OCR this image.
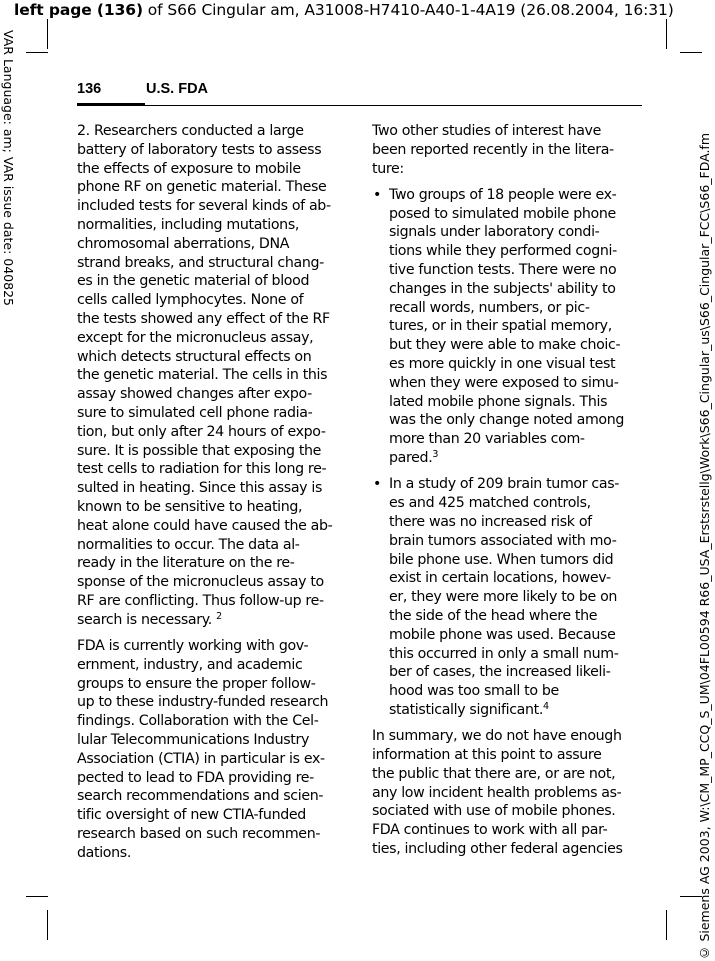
left page (136) of S66 Cingular am, A31008-H7410-A40-1-4A19 (26.08.2004, 16:31)
VAR Language: am; VAR issue date: 040825	© Siemens AG 2003, W:\CM_MP_CCQ_S_UM\04FL00594 R66_USA_Erstsrstellg\Work\S66_Cingular_us\S66_Cingular_FCC\S66_FDA.fm
136	U.S. FDA
2. Researchers conducted a large
battery of laboratory tests to assess
the effects of exposure to mobile
phone RF on genetic material. These
included tests for several kinds of ab-
normalities, including mutations,
chromosomal aberrations, DNA
strand breaks, and structural chang-
es in the genetic material of blood
cells called lymphocytes. None of
the tests showed any effect of the RF
except for the micronucleus assay,
which detects structural effects on
the genetic material. The cells in this
assay showed changes after expo-
sure to simulated cell phone radia-
tion, but only after 24 hours of expo-
sure. It is possible that exposing the
test cells to radiation for this long re-
sulted in heating. Since this assay is
known to be sensitive to heating,
heat alone could have caused the ab-
normalities to occur. The data al-
ready in the literature on the re-
sponse of the micronucleus assay to
RF are conflicting. Thus follow-up re-
search is necessary. $^2$
FDA is currently working with gov-
ernment, industry, and academic
groups to ensure the proper follow-
up to these industry-funded research
findings. Collaboration with the Cel-
lular Telecommunications Industry
Association (CTIA) in particular is ex-
pected to lead to FDA providing re-
search recommendations and scien-
tific oversight of new CTIA-funded
research based on such recommen-
dations.
Two other studies of interest have
been reported recently in the litera-
ture:
• Two groups of 18 people were ex-
posed to simulated mobile phone
signals under laboratory condi-
tions while they performed cogni-
tive function tests. There were no
changes in the subjects' ability to
recall words, numbers, or pic-
tures, or in their spatial memory,
but they were able to make choic-
es more quickly in one visual test
when they were exposed to simu-
lated mobile phone signals. This
was the only change noted among
more than 20 variables com-
pared.$^3$
• In a study of 209 brain tumor cas-
es and 425 matched controls,
there was no increased risk of
brain tumors associated with mo-
bile phone use. When tumors did
exist in certain locations, howev-
er, they were more likely to be on
the side of the head where the
mobile phone was used. Because
this occurred in only a small num-
ber of cases, the increased likeli-
hood was too small to be
statistically significant.$^4$
In summary, we do not have enough
information at this point to assure
the public that there are, or are not,
any low incident health problems as-
sociated with use of mobile phones.
FDA continues to work with all par-
ties, including other federal agencies
